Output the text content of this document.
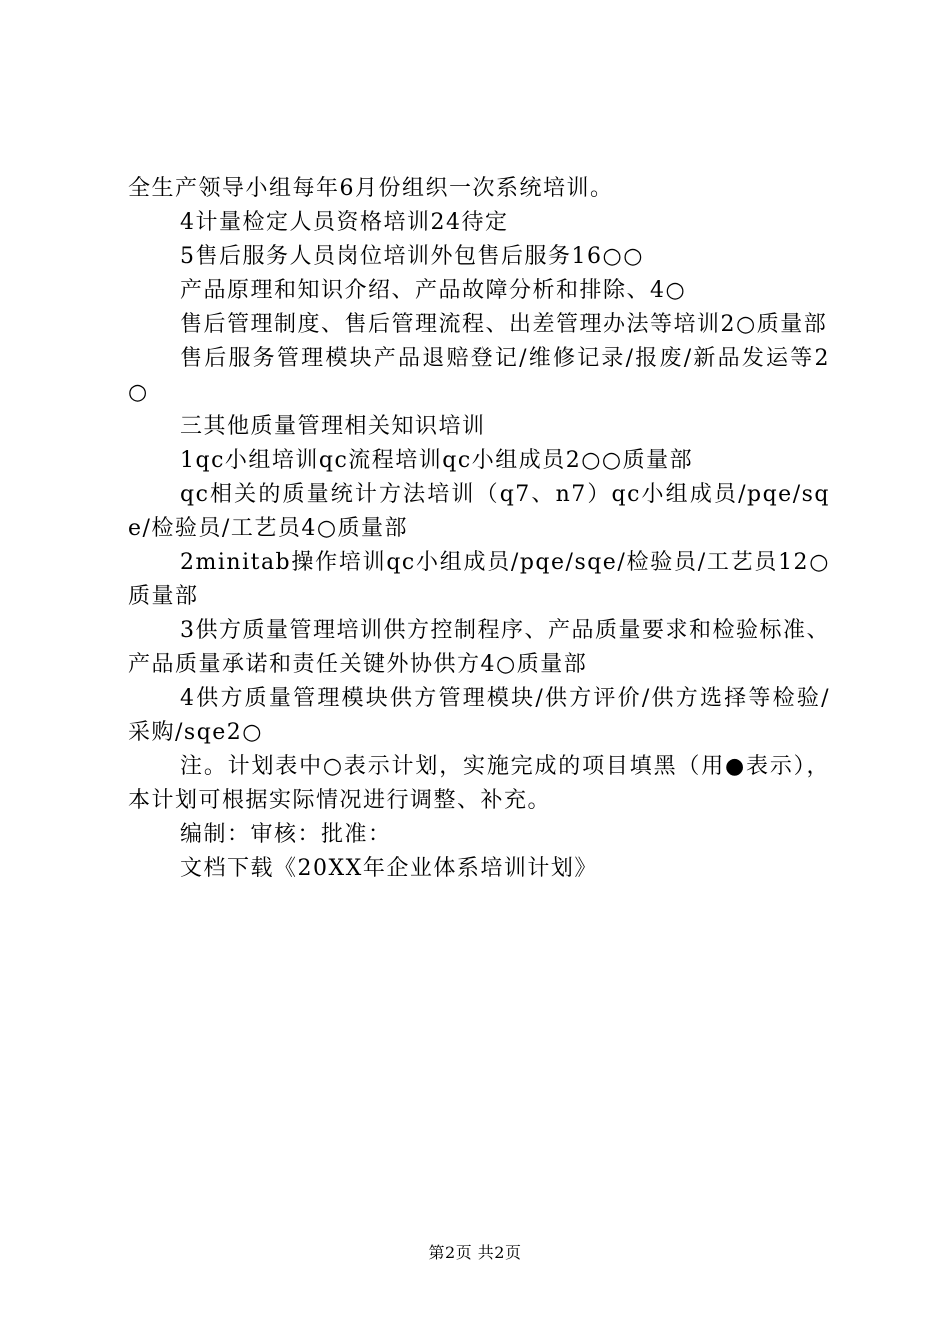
全生产领导小组每年6月份组织一次系统培训。

4计量检定人员资格培训24待定

5售后服务人员岗位培训外包售后服务16○○

产品原理和知识介绍、产品故障分析和排除、4○

售后管理制度、售后管理流程、出差管理办法等培训2○质量部

售后服务管理模块产品退赔登记/维修记录/报废/新品发运等2○

三其他质量管理相关知识培训

1qc小组培训qc流程培训qc小组成员2○○质量部

qc相关的质量统计方法培训（q7、n7）qc小组成员/pqe/sqe/检验员/工艺员4○质量部

2minitab操作培训qc小组成员/pqe/sqe/检验员/工艺员12○质量部

3供方质量管理培训供方控制程序、产品质量要求和检验标准、产品质量承诺和责任关键外协供方4○质量部

4供方质量管理模块供方管理模块/供方评价/供方选择等检验/采购/sqe2○

注。计划表中○表示计划，实施完成的项目填黑（用●表示），本计划可根据实际情况进行调整、补充。

编制：审核：批准：

文档下载《20XX年企业体系培训计划》

第2页 共2页
